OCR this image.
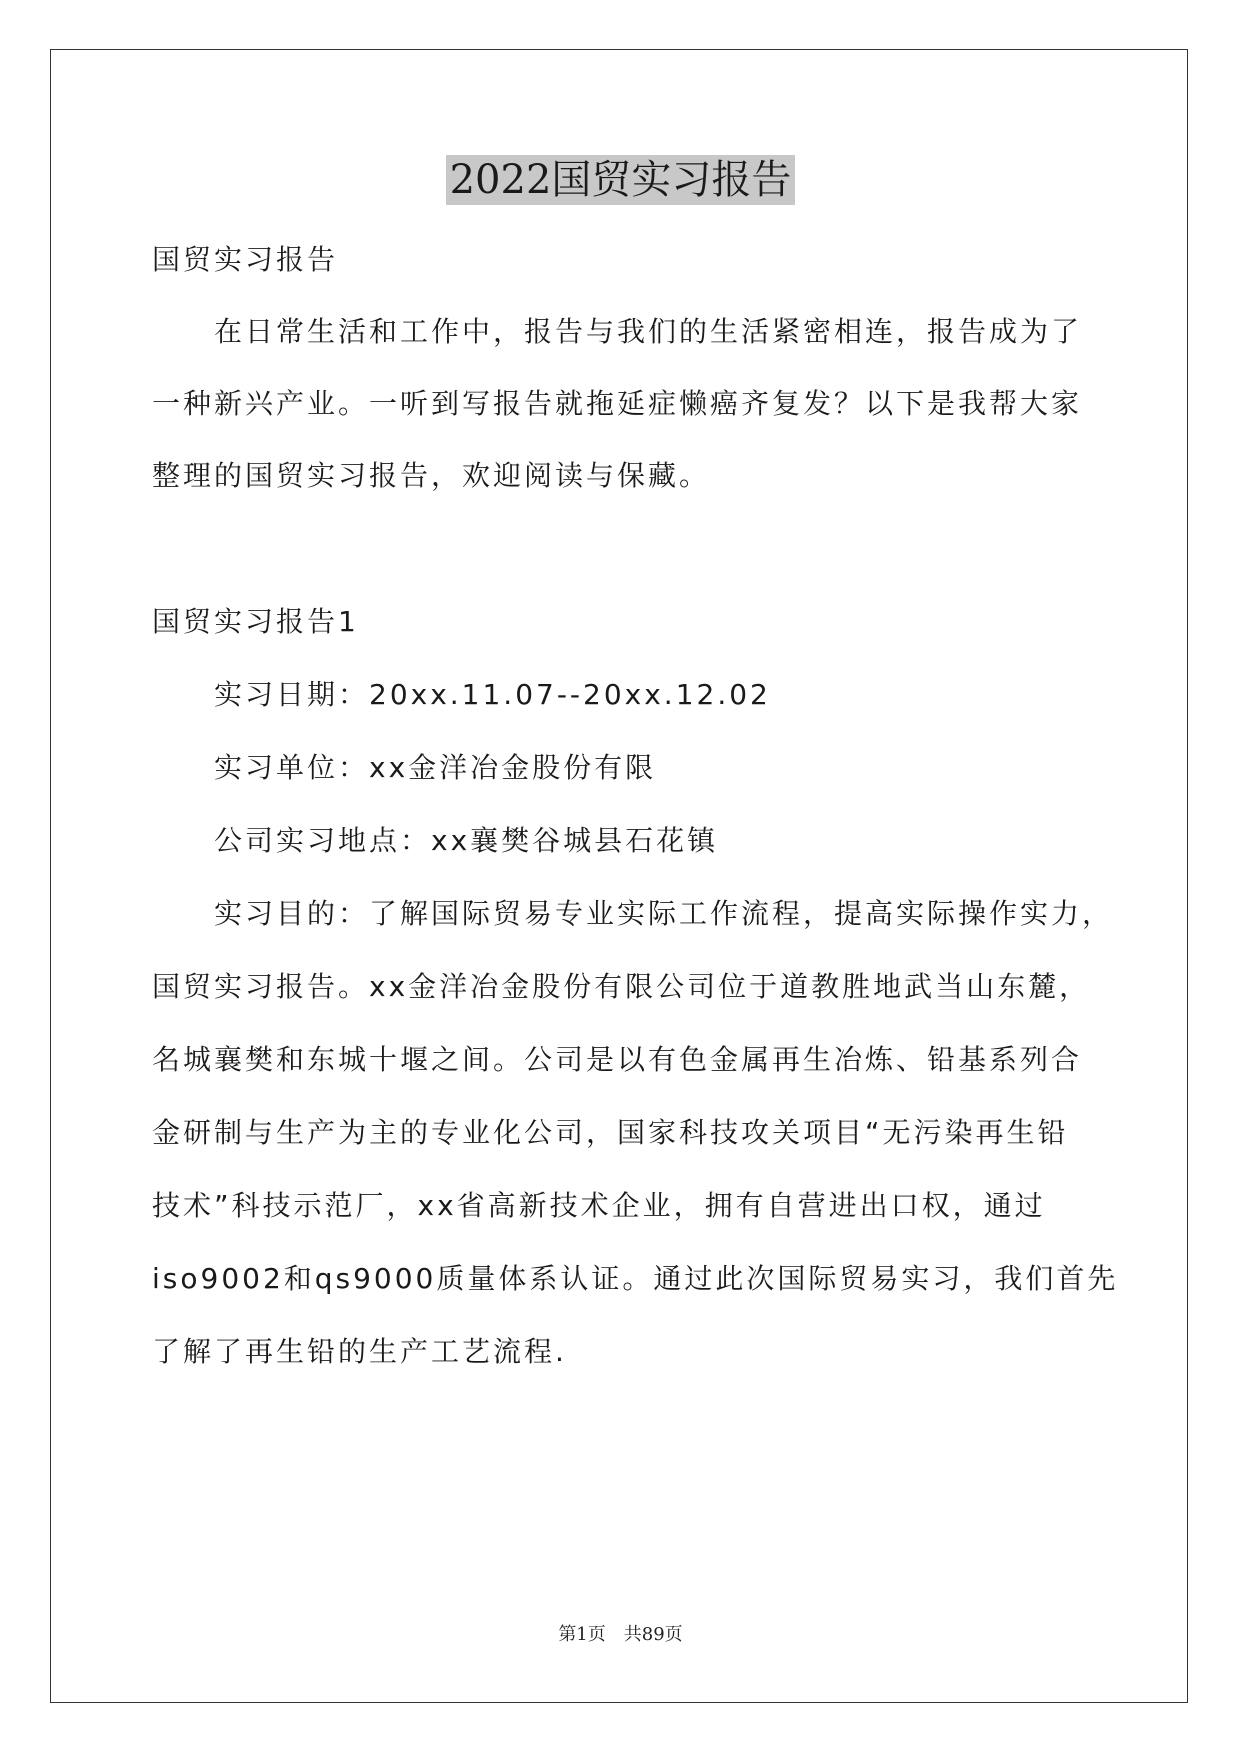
2022国贸实习报告
国贸实习报告
在日常生活和工作中，报告与我们的生活紧密相连，报告成为了
一种新兴产业。一听到写报告就拖延症懒癌齐复发？以下是我帮大家
整理的国贸实习报告，欢迎阅读与保藏。
国贸实习报告1
实习日期：20xx.11.07--20xx.12.02
实习单位：xx金洋冶金股份有限
公司实习地点：xx襄樊谷城县石花镇
实习目的：了解国际贸易专业实际工作流程，提高实际操作实力，
国贸实习报告。xx金洋冶金股份有限公司位于道教胜地武当山东麓，
名城襄樊和东城十堰之间。公司是以有色金属再生冶炼、铅基系列合
金研制与生产为主的专业化公司，国家科技攻关项目“无污染再生铅
技术”科技示范厂，xx省高新技术企业，拥有自营进出口权，通过
iso9002和qs9000质量体系认证。通过此次国际贸易实习，我们首先
了解了再生铅的生产工艺流程.
第1页　共89页
